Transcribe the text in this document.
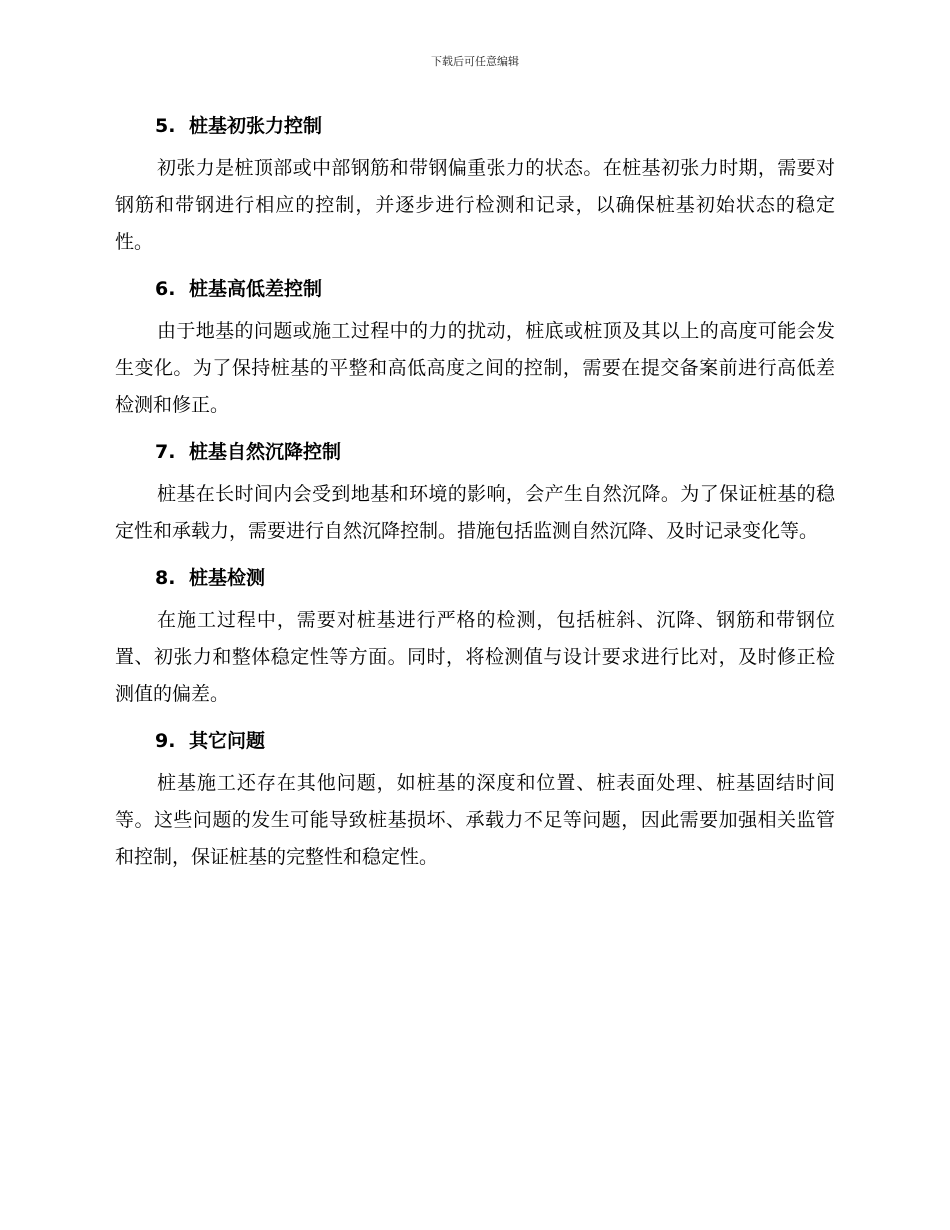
下载后可任意编辑
5. 桩基初张力控制

初张力是桩顶部或中部钢筋和带钢偏重张力的状态。在桩基初张力时期，需要对钢筋和带钢进行相应的控制，并逐步进行检测和记录，以确保桩基初始状态的稳定性。

6. 桩基高低差控制

由于地基的问题或施工过程中的力的扰动，桩底或桩顶及其以上的高度可能会发生变化。为了保持桩基的平整和高低高度之间的控制，需要在提交备案前进行高低差检测和修正。

7. 桩基自然沉降控制

桩基在长时间内会受到地基和环境的影响，会产生自然沉降。为了保证桩基的稳定性和承载力，需要进行自然沉降控制。措施包括监测自然沉降、及时记录变化等。

8. 桩基检测

在施工过程中，需要对桩基进行严格的检测，包括桩斜、沉降、钢筋和带钢位置、初张力和整体稳定性等方面。同时，将检测值与设计要求进行比对，及时修正检测值的偏差。

9. 其它问题

桩基施工还存在其他问题，如桩基的深度和位置、桩表面处理、桩基固结时间等。这些问题的发生可能导致桩基损坏、承载力不足等问题，因此需要加强相关监管和控制，保证桩基的完整性和稳定性。
